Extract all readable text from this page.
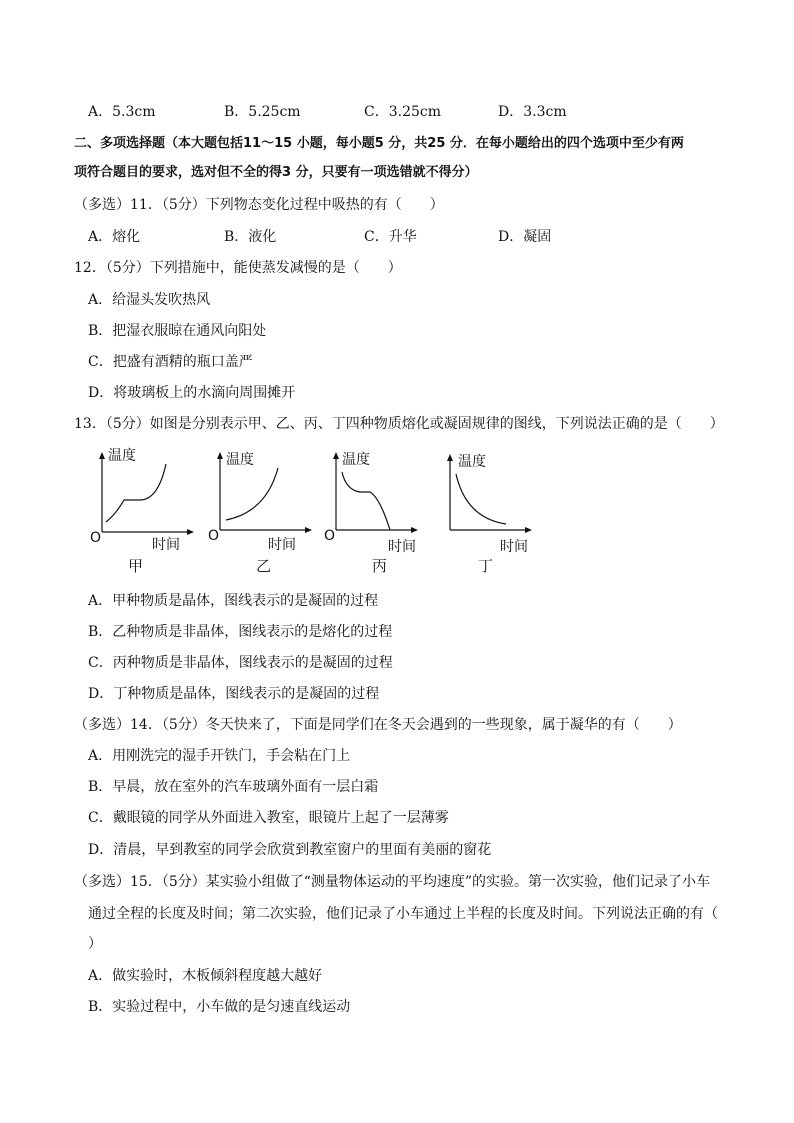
A．5.3cm	B．5.25cm	C．3.25cm	D．3.3cm
二、多项选择题（本大题包括11～15 小题，每小题5 分，共25 分．在每小题给出的四个选项中至少有两
项符合题目的要求，选对但不全的得3 分，只要有一项选错就不得分）
（多选）11．（5分）下列物态变化过程中吸热的有（　　）
A．熔化	B．液化	C．升华	D．凝固
12．（5分）下列措施中，能使蒸发减慢的是（　　）
A．给湿头发吹热风
B．把湿衣服晾在通风向阳处
C．把盛有酒精的瓶口盖严
D．将玻璃板上的水滴向周围摊开
13．（5分）如图是分别表示甲、乙、丙、丁四种物质熔化或凝固规律的图线，下列说法正确的是（　　）
温度
O	时间
甲
温度
O
时间
乙
温度
O
时间
丙
温度
时间
丁
A．甲种物质是晶体，图线表示的是凝固的过程
B．乙种物质是非晶体，图线表示的是熔化的过程
C．丙种物质是非晶体，图线表示的是凝固的过程
D．丁种物质是晶体，图线表示的是凝固的过程
（多选）14．（5分）冬天快来了，下面是同学们在冬天会遇到的一些现象，属于凝华的有（　　）
A．用刚洗完的湿手开铁门，手会粘在门上
B．早晨，放在室外的汽车玻璃外面有一层白霜
C．戴眼镜的同学从外面进入教室，眼镜片上起了一层薄雾
D．清晨，早到教室的同学会欣赏到教室窗户的里面有美丽的窗花
（多选）15．（5分）某实验小组做了“测量物体运动的平均速度”的实验。第一次实验，他们记录了小车
通过全程的长度及时间；第二次实验，他们记录了小车通过上半程的长度及时间。下列说法正确的有（
）
A．做实验时，木板倾斜程度越大越好
B．实验过程中，小车做的是匀速直线运动
